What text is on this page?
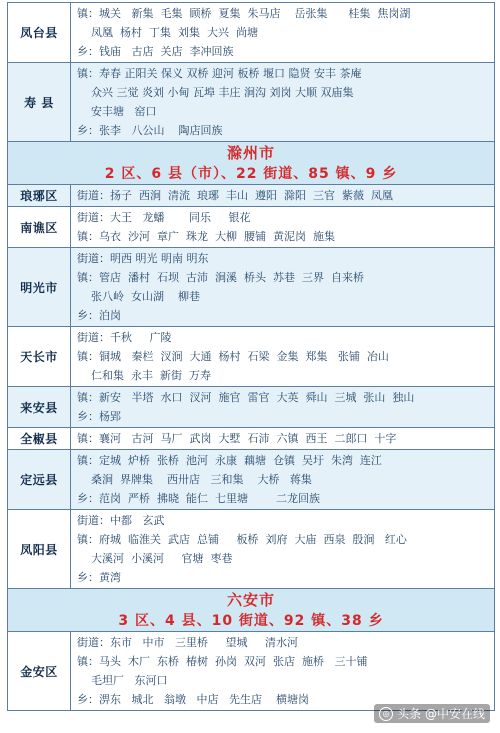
凤台县
镇：城关   新集  毛集  顾桥  夏集  朱马店    岳张集      桂集  焦岗湖
凤凰  杨村  丁集  刘集  大兴  尚塘
乡：钱庙   古店  关店  李冲回族
寿 县
镇：寿春 正阳关 保义 双桥 迎河 板桥 堰口 隐贤 安丰 茶庵
众兴 三觉 炎刘 小甸 瓦埠 丰庄 涧沟 刘岗 大顺 双庙集
安丰塘   窑口
乡：张李   八公山    陶店回族
滁州市
2 区、6 县（市）、22 街道、85 镇、9 乡
琅琊区	街道：扬子  西涧  清流  琅琊  丰山  遵阳  滁阳  三官  紫薇  凤凰
南谯区
街道：大王   龙蟠       同乐     银花
镇：乌衣  沙河  章广  珠龙  大柳  腰铺  黄泥岗  施集
明光市
街道：明西 明光 明南 明东
镇：管店  潘村  石坝  古沛  涧溪  桥头  苏巷  三界  自来桥
张八岭  女山湖    柳巷
乡：泊岗
天长市
街道：千秋     广陵
镇：铜城   秦栏  汊涧  大通  杨村  石梁  金集  郑集   张铺  冶山
仁和集  永丰  新街  万寿
来安县
镇：新安   半塔  水口  汊河  施官  雷官  大英  舜山  三城  张山  独山
乡：杨郢
全椒县	镇：襄河   古河  马厂  武岗  大墅  石沛  六镇  西王  二郎口  十字
定远县
镇：定城  炉桥  张桥  池河  永康  藕塘  仓镇  吴圩  朱湾  连江
桑涧  界牌集    西卅店   三和集    大桥   蒋集
乡：范岗  严桥  拂晓  能仁  七里塘        二龙回族
凤阳县
街道：中都   玄武
镇：府城  临淮关  武店  总铺     板桥  刘府  大庙  西泉  殷涧   红心
大溪河  小溪河     官塘  枣巷
乡：黄湾
六安市
3 区、4 县、10 街道、92 镇、38 乡
金安区
街道：东市   中市   三里桥     望城     清水河
镇：马头  木厂  东桥  椿树  孙岗  双河  张店  施桥   三十铺
毛坦厂   东河口
乡：淠东   城北   翁墩   中店   先生店    横塘岗
◎ 头条 @中安在线
